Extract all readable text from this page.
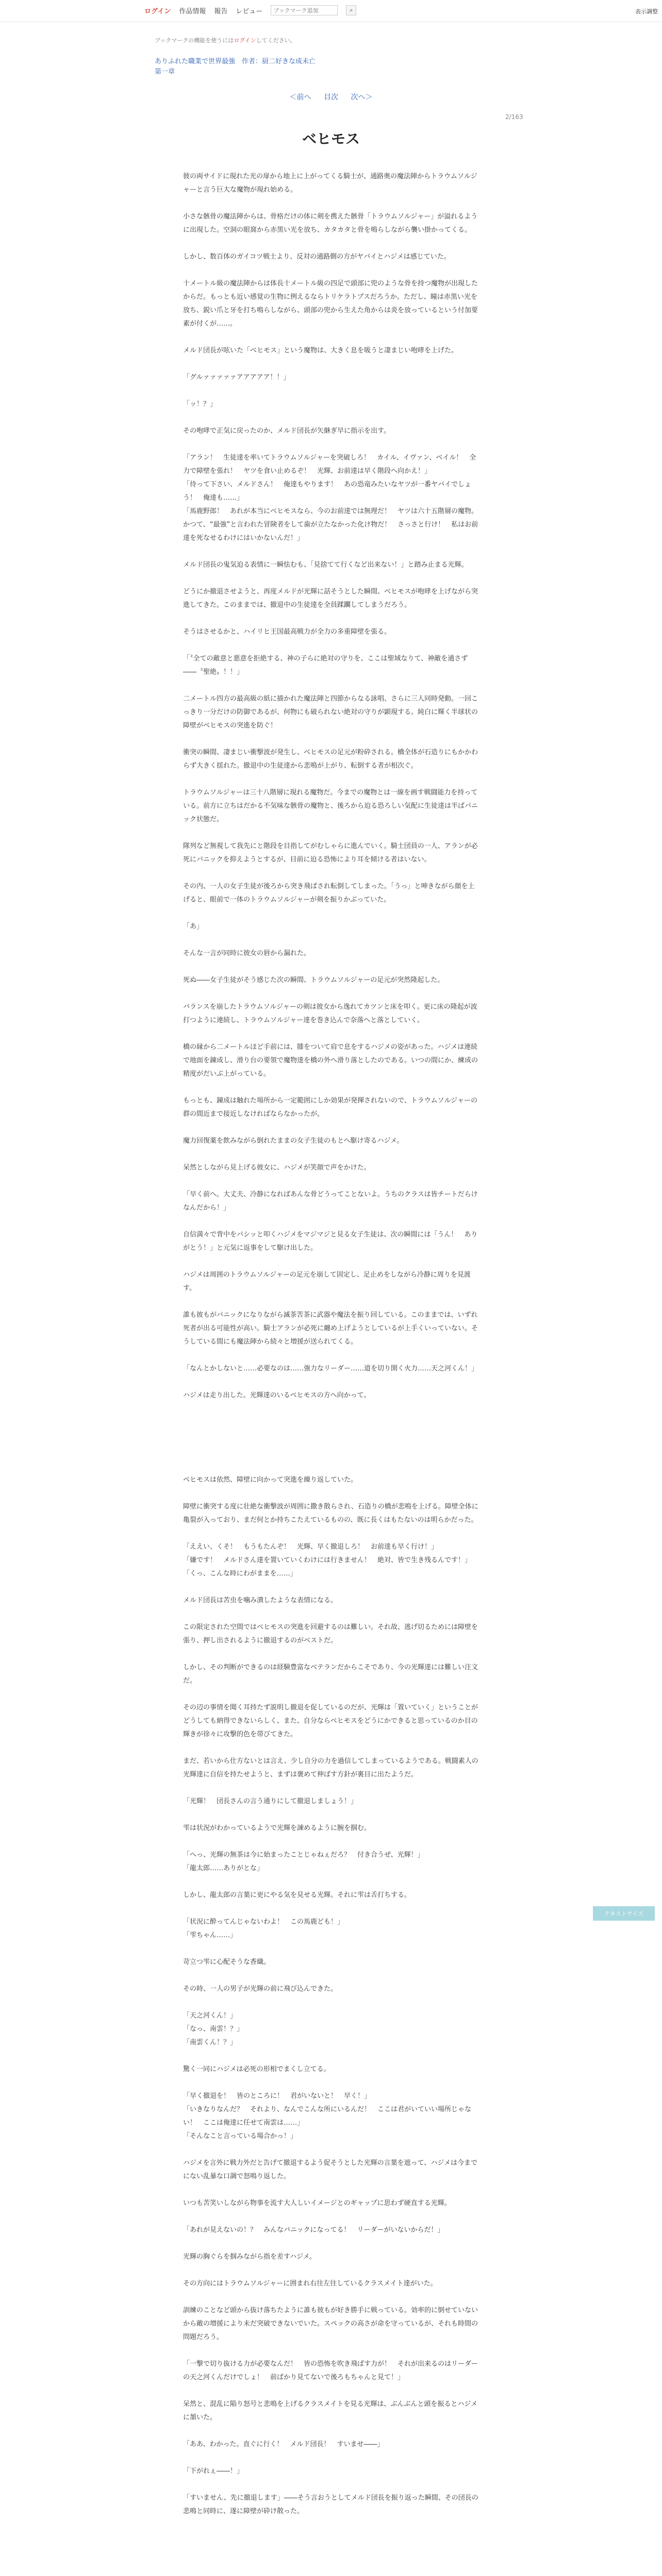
ログイン 作品情報 報告 レビュー
ブックマーク追加	⌕	表示調整
ブックマークの機能を使うにはログインしてください。
ありふれた職業で世界最強　作者：厨二好きな成未亡
第一章
＜前へ 目次 次へ＞
2/163
ベヒモス

彼の両サイドに現れた光の扉から地上に上がってくる騎士が、通路奥の魔法陣からトラウムソルジャーと言う巨大な魔物が現れ始める。

小さな骸骨の魔法陣からは、骨格だけの体に剣を携えた骸骨「トラウムソルジャー」が溢れるように出現した。空洞の眼窩から赤黒い光を放ち、カタカタと骨を鳴らしながら襲い掛かってくる。

しかし、数百体のガイコツ戦士より、反対の通路側の方がヤバイとハジメは感じていた。

十メートル級の魔法陣からは体長十メートル級の四足で頭部に兜のような骨を持つ魔物が出現したからだ。もっとも近い感覚の生物に例えるならトリケラトプスだろうか。ただし、瞳は赤黒い光を放ち、鋭い爪と牙を打ち鳴らしながら、頭部の兜から生えた角からは炎を放っているという付加要素が付くが……。

メルド団長が呟いた「ベヒモス」という魔物は、大きく息を吸うと凄まじい咆哮を上げた。

「グルァァァァァアアアアア！！」

「ッ！？」

その咆哮で正気に戻ったのか、メルド団長が矢継ぎ早に指示を出す。

「アラン！　生徒達を率いてトラウムソルジャーを突破しろ！　カイル、イヴァン、ベイル！　全力で障壁を張れ！　ヤツを食い止めるぞ！　光輝、お前達は早く階段へ向かえ！」
「待って下さい、メルドさん！　俺達もやります！　あの恐竜みたいなヤツが一番ヤバイでしょう！　俺達も……」
「馬鹿野郎！　あれが本当にベヒモスなら、今のお前達では無理だ！　ヤツは六十五階層の魔物。かつて、“最強”と言われた冒険者をして歯が立たなかった化け物だ！　さっさと行け！　私はお前達を死なせるわけにはいかないんだ！」

メルド団長の鬼気迫る表情に一瞬怯むも、「見捨てて行くなど出来ない！」と踏み止まる光輝。

どうにか撤退させようと、再度メルドが光輝に話そうとした瞬間、ベヒモスが咆哮を上げながら突進してきた。このままでは、撤退中の生徒達を全員蹂躙してしまうだろう。

そうはさせるかと、ハイリヒ王国最高戦力が全力の多重障壁を張る。

「〝全ての敵意と悪意を拒絶する、神の子らに絶対の守りを、ここは聖域なりて、神敵を通さず――〝聖絶〟！！」

二メートル四方の最高級の紙に描かれた魔法陣と四節からなる詠唱、さらに三人同時発動。一回こっきり一分だけの防御であるが、何物にも破られない絶対の守りが顕現する。純白に輝く半球状の障壁がベヒモスの突進を防ぐ！

衝突の瞬間、凄まじい衝撃波が発生し、ベヒモスの足元が粉砕される。橋全体が石造りにもかかわらず大きく揺れた。撤退中の生徒達から悲鳴が上がり、転倒する者が相次ぐ。

トラウムソルジャーは三十八階層に現れる魔物だ。今までの魔物とは一線を画す戦闘能力を持っている。前方に立ちはだかる不気味な骸骨の魔物と、後ろから迫る恐ろしい気配に生徒達は半ばパニック状態だ。

隊列など無視して我先にと階段を目指してがむしゃらに進んでいく。騎士団員の一人、アランが必死にパニックを抑えようとするが、目前に迫る恐怖により耳を傾ける者はいない。

その内、一人の女子生徒が後ろから突き飛ばされ転倒してしまった。「うっ」と呻きながら顔を上げると、眼前で一体のトラウムソルジャーが剣を振りかぶっていた。

「あ」

そんな一言が同時に彼女の唇から漏れた。

死ぬ――女子生徒がそう感じた次の瞬間、トラウムソルジャーの足元が突然隆起した。

バランスを崩したトラウムソルジャーの剣は彼女から逸れてカツンと床を叩く。更に床の隆起が波打つように連続し、トラウムソルジャー達を巻き込んで奈落へと落としていく。

橋の縁から二メートルほど手前には、膝をついて肩で息をするハジメの姿があった。ハジメは連続で地面を錬成し、滑り台の要領で魔物達を橋の外へ滑り落としたのである。いつの間にか、練成の精度がだいぶ上がっている。

もっとも、錬成は触れた場所から一定範囲にしか効果が発揮されないので、トラウムソルジャーの群の間近まで接近しなければならなかったが。

魔力回復薬を飲みながら倒れたままの女子生徒のもとへ駆け寄るハジメ。

呆然としながら見上げる彼女に、ハジメが笑顔で声をかけた。

「早く前へ。大丈夫、冷静になればあんな骨どうってことないよ。うちのクラスは皆チートだらけなんだから！」

自信満々で背中をパシッと叩くハジメをマジマジと見る女子生徒は、次の瞬間には「うん！　ありがとう！」と元気に返事をして駆け出した。

ハジメは周囲のトラウムソルジャーの足元を崩して固定し、足止めをしながら冷静に周りを見渡す。

誰も彼もがパニックになりながら滅茶苦茶に武器や魔法を振り回している。このままでは、いずれ死者が出る可能性が高い。騎士アランが必死に纏め上げようとしているが上手くいっていない。そうしている間にも魔法陣から続々と増援が送られてくる。

「なんとかしないと……必要なのは……強力なリーダー……道を切り開く火力……天之河くん！」

ハジメは走り出した。光輝達のいるベヒモスの方へ向かって。

ベヒモスは依然、障壁に向かって突進を繰り返していた。

障壁に衝突する度に壮絶な衝撃波が周囲に撒き散らされ、石造りの橋が悲鳴を上げる。障壁全体に亀裂が入っており、まだ何とか持ちこたえているものの、既に長くはもたないのは明らかだった。

「ええい、くそ！　もうもたんぞ！　光輝、早く撤退しろ！　お前達も早く行け！」
「嫌です！　メルドさん達を置いていくわけには行きません！　絶対、皆で生き残るんです！」
「くっ、こんな時にわがままを……」

メルド団長は苦虫を噛み潰したような表情になる。

この限定された空間ではベヒモスの突進を回避するのは難しい。それ故、逃げ切るためには障壁を張り、押し出されるように撤退するのがベストだ。

しかし、その判断ができるのは経験豊富なベテランだからこそであり、今の光輝達には難しい注文だ。

その辺の事情を聞く耳持たず説明し撤退を促しているのだが、光輝は「置いていく」ということがどうしても納得できないらしく、また、自分ならベヒモスをどうにかできると思っているのか目の輝きが徐々に攻撃的色を帯びてきた。

まだ、若いから仕方ないとは言え、少し自分の力を過信してしまっているようである。戦闘素人の光輝達に自信を持たせようと、まずは褒めて伸ばす方針が裏目に出たようだ。

「光輝！　団長さんの言う通りにして撤退しましょう！」

雫は状況がわかっているようで光輝を諫めるように腕を掴む。

「へっ、光輝の無茶は今に始まったことじゃねぇだろ？　付き合うぜ、光輝！」
「龍太郎……ありがとな」

しかし、龍太郎の言葉に更にやる気を見せる光輝。それに雫は舌打ちする。

「状況に酔ってんじゃないわよ！　この馬鹿ども！」
「雫ちゃん……」

苛立つ雫に心配そうな香織。

その時、一人の男子が光輝の前に飛び込んできた。

「天之河くん！」
「なっ、南雲！？」
「南雲くん！？」

驚く一同にハジメは必死の形相でまくし立てる。

「早く撤退を！　皆のところに！　君がいないと！　早く！」
「いきなりなんだ？　それより、なんでこんな所にいるんだ！　ここは君がいていい場所じゃない！　ここは俺達に任せて南雲は……」
「そんなこと言っている場合かっ！」

ハジメを言外に戦力外だと告げて撤退するよう促そうとした光輝の言葉を遮って、ハジメは今までにない乱暴な口調で怒鳴り返した。

いつも苦笑いしながら物事を流す大人しいイメージとのギャップに思わず硬直する光輝。

「あれが見えないの！？　みんなパニックになってる！　リーダーがいないからだ！」

光輝の胸ぐらを掴みながら指を差すハジメ。

その方向にはトラウムソルジャーに囲まれ右往左往しているクラスメイト達がいた。

訓練のことなど頭から抜け落ちたように誰も彼もが好き勝手に戦っている。効率的に倒せていないから敵の増援により未だ突破できないでいた。スペックの高さが命を守っているが、それも時間の問題だろう。

「一撃で切り抜ける力が必要なんだ！　皆の恐怖を吹き飛ばす力が！　それが出来るのはリーダーの天之河くんだけでしょ！　前ばかり見てないで後ろもちゃんと見て！」

呆然と、混乱に陥り怒号と悲鳴を上げるクラスメイトを見る光輝は、ぶんぶんと頭を振るとハジメに頷いた。

「ああ、わかった。直ぐに行く！　メルド団長！　すいませ――」

「下がれぇ――！」

「すいません、先に撤退します」――そう言おうとしてメルド団長を振り返った瞬間、その団長の悲鳴と同時に、遂に障壁が砕け散った。

テキストサイズ
